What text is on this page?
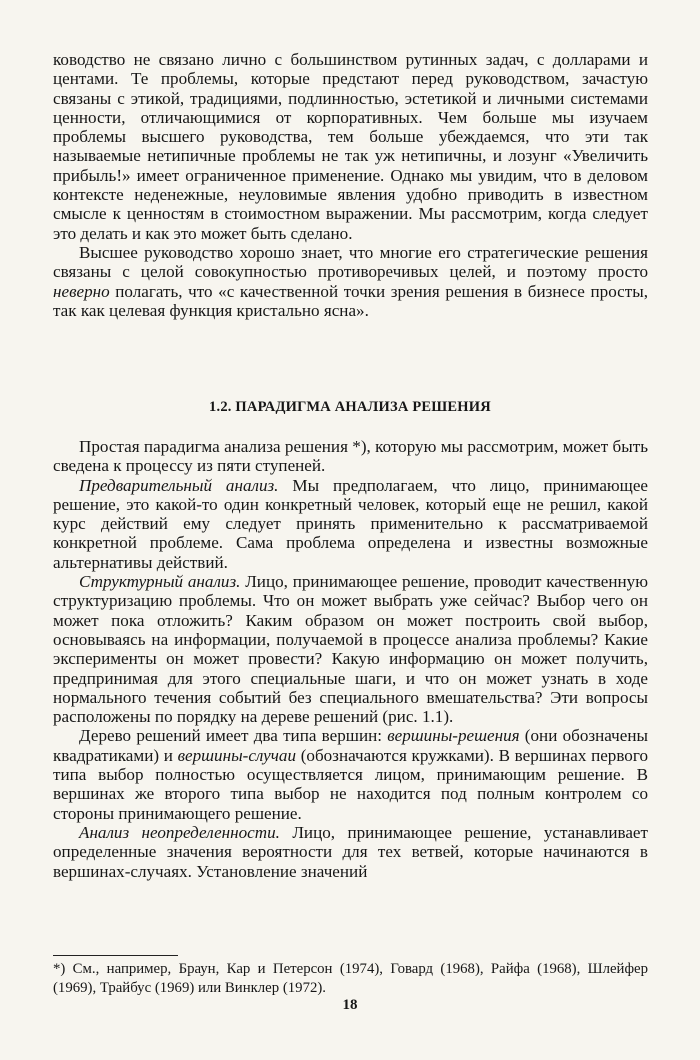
ководство не связано лично с большинством рутинных задач, с долларами и центами. Те проблемы, которые предстают перед руководством, зачастую связаны с этикой, традициями, подлинностью, эстетикой и личными системами ценности, отличающимися от корпоративных. Чем больше мы изучаем проблемы высшего руководства, тем больше убеждаемся, что эти так называемые нетипичные проблемы не так уж нетипичны, и лозунг «Увеличить прибыль!» имеет ограниченное применение. Однако мы увидим, что в деловом контексте неденежные, неуловимые явления удобно приводить в известном смысле к ценностям в стоимостном выражении. Мы рассмотрим, когда следует это делать и как это может быть сделано.

Высшее руководство хорошо знает, что многие его стратегические решения связаны с целой совокупностью противоречивых целей, и поэтому просто неверно полагать, что «с качественной точки зрения решения в бизнесе просты, так как целевая функция кристально ясна».

1.2. ПАРАДИГМА АНАЛИЗА РЕШЕНИЯ

Простая парадигма анализа решения *), которую мы рассмотрим, может быть сведена к процессу из пяти ступеней.

Предварительный анализ. Мы предполагаем, что лицо, принимающее решение, это какой-то один конкретный человек, который еще не решил, какой курс действий ему следует принять применительно к рассматриваемой конкретной проблеме. Сама проблема определена и известны возможные альтернативы действий.

Структурный анализ. Лицо, принимающее решение, проводит качественную структуризацию проблемы. Что он может выбрать уже сейчас? Выбор чего он может пока отложить? Каким образом он может построить свой выбор, основываясь на информации, получаемой в процессе анализа проблемы? Какие эксперименты он может провести? Какую информацию он может получить, предпринимая для этого специальные шаги, и что он может узнать в ходе нормального течения событий без специального вмешательства? Эти вопросы расположены по порядку на дереве решений (рис. 1.1).

Дерево решений имеет два типа вершин: вершины-решения (они обозначены квадратиками) и вершины-случаи (обозначаются кружками). В вершинах первого типа выбор полностью осуществляется лицом, принимающим решение. В вершинах же второго типа выбор не находится под полным контролем со стороны принимающего решение.

Анализ неопределенности. Лицо, принимающее решение, устанавливает определенные значения вероятности для тех ветвей, которые начинаются в вершинах-случаях. Установление значений

*) См., например, Браун, Кар и Петерсон (1974), Говард (1968), Райфа (1968), Шлейфер (1969), Трайбус (1969) или Винклер (1972).
18
